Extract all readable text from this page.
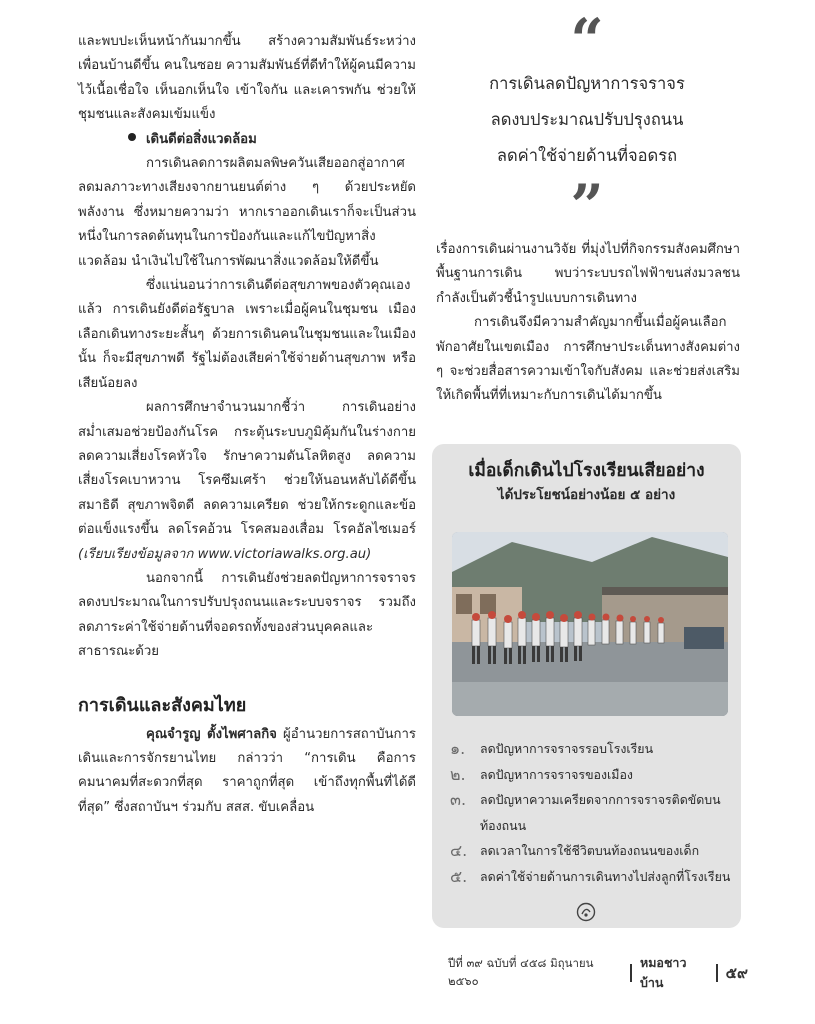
และพบปะเห็นหน้ากันมากขึ้น สร้างความสัมพันธ์ระหว่างเพื่อนบ้านดีขึ้น คนในซอย ความสัมพันธ์ที่ดีทำให้ผู้คนมีความไว้เนื้อเชื่อใจ เห็นอกเห็นใจ เข้าใจกัน และเคารพกัน ช่วยให้ชุมชนและสังคมเข้มแข็ง

เดินดีต่อสิ่งแวดล้อม

การเดินลดการผลิตมลพิษควันเสียออกสู่อากาศ ลดมลภาวะทางเสียงจากยานยนต์ต่าง ๆ ด้วยประหยัดพลังงาน ซึ่งหมายความว่า หากเราออกเดินเราก็จะเป็นส่วนหนึ่งในการลดต้นทุนในการป้องกันและแก้ไขปัญหาสิ่งแวดล้อม นำเงินไปใช้ในการพัฒนาสิ่งแวดล้อมให้ดีขึ้น

ซึ่งแน่นอนว่าการเดินดีต่อสุขภาพของตัวคุณเองแล้ว การเดินยังดีต่อรัฐบาล เพราะเมื่อผู้คนในชุมชน เมือง เลือกเดินทางระยะสั้นๆ ด้วยการเดินคนในชุมชนและในเมืองนั้น ก็จะมีสุขภาพดี รัฐไม่ต้องเสียค่าใช้จ่ายด้านสุขภาพ หรือเสียน้อยลง

ผลการศึกษาจำนวนมากชี้ว่า การเดินอย่างสม่ำเสมอช่วยป้องกันโรค กระตุ้นระบบภูมิคุ้มกันในร่างกาย ลดความเสี่ยงโรคหัวใจ รักษาความดันโลหิตสูง ลดความเสี่ยงโรคเบาหวาน โรคซึมเศร้า ช่วยให้นอนหลับได้ดีขึ้น สมาธิดี สุขภาพจิตดี ลดความเครียด ช่วยให้กระดูกและข้อต่อแข็งแรงขึ้น ลดโรคอ้วน โรคสมองเสื่อม โรคอัลไซเมอร์ (เรียบเรียงข้อมูลจาก www.victoriawalks.org.au)

นอกจากนี้ การเดินยังช่วยลดปัญหาการจราจร ลดงบประมาณในการปรับปรุงถนนและระบบจราจร รวมถึงลดภาระค่าใช้จ่ายด้านที่จอดรถทั้งของส่วนบุคคลและสาธารณะด้วย

การเดินและสังคมไทย

คุณจำรูญ ตั้งไพศาลกิจ ผู้อำนวยการสถาบันการเดินและการจักรยานไทย กล่าวว่า “การเดิน คือการคมนาคมที่สะดวกที่สุด ราคาถูกที่สุด เข้าถึงทุกพื้นที่ได้ดีที่สุด” ซึ่งสถาบันฯ ร่วมกับ สสส. ขับเคลื่อน

“
การเดินลดปัญหาการจราจร
ลดงบประมาณปรับปรุงถนน
ลดค่าใช้จ่ายด้านที่จอดรถ
”

เรื่องการเดินผ่านงานวิจัย ที่มุ่งไปที่กิจกรรมสังคมศึกษาพื้นฐานการเดิน พบว่าระบบรถไฟฟ้าขนส่งมวลชนกำลังเป็นตัวชี้นำรูปแบบการเดินทาง

การเดินจึงมีความสำคัญมากขึ้นเมื่อผู้คนเลือกพักอาศัยในเขตเมือง การศึกษาประเด็นทางสังคมต่าง ๆ จะช่วยสื่อสารความเข้าใจกับสังคม และช่วยส่งเสริมให้เกิดพื้นที่ที่เหมาะกับการเดินได้มากขึ้น

เมื่อเด็กเดินไปโรงเรียนเสียอย่าง
ได้ประโยชน์อย่างน้อย ๕ อย่าง
๑.	ลดปัญหาการจราจรรอบโรงเรียน
๒.	ลดปัญหาการจราจรของเมือง
๓.	ลดปัญหาความเครียดจากการจราจรติดขัดบนท้องถนน
๔.	ลดเวลาในการใช้ชีวิตบนท้องถนนของเด็ก
๕.	ลดค่าใช้จ่ายด้านการเดินทางไปส่งลูกที่โรงเรียน
ปีที่ ๓๙ ฉบับที่ ๔๕๘ มิถุนายน ๒๕๖๐
หมอชาวบ้าน
๕๙
